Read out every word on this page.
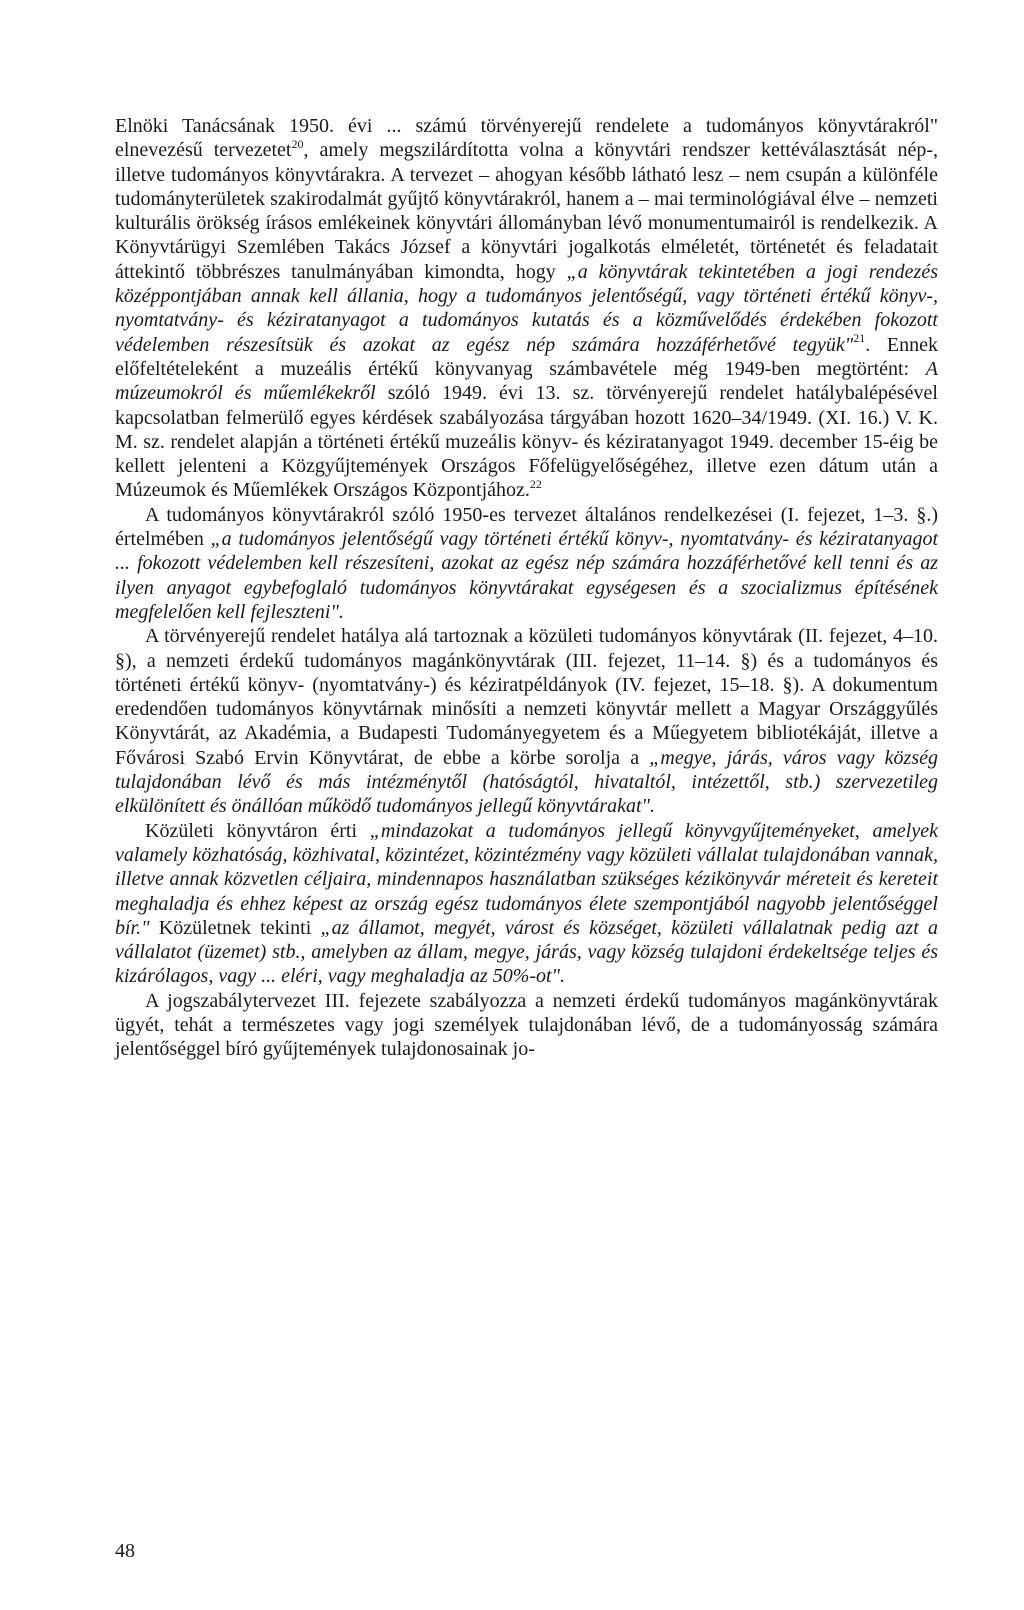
Elnöki Tanácsának 1950. évi ... számú törvényerejű rendelete a tudományos könyvtárakról" elnevezésű tervezetet$^{20}$, amely megszilárdította volna a könyvtári rendszer kettéválasztását nép-, illetve tudományos könyvtárakra. A tervezet – ahogyan később látható lesz – nem csupán a különféle tudományterületek szakirodalmát gyűjtő könyvtárakról, hanem a – mai terminológiával élve – nemzeti kulturális örökség írásos emlékeinek könyvtári állományban lévő monumentumairól is rendelkezik. A Könyvtárügyi Szemlében Takács József a könyvtári jogalkotás elméletét, történetét és feladatait áttekintő többrészes tanulmányában kimondta, hogy „a könyvtárak tekintetében a jogi rendezés középpontjában annak kell állania, hogy a tudományos jelentőségű, vagy történeti értékű könyv-, nyomtatvány- és kéziratanyagot a tudományos kutatás és a közművelődés érdekében fokozott védelemben részesítsük és azokat az egész nép számára hozzáférhetővé tegyük"$^{21}$. Ennek előfeltételeként a muzeális értékű könyvanyag számbavétele még 1949-ben megtörtént: A múzeumokról és műemlékekről szóló 1949. évi 13. sz. törvényerejű rendelet hatálybalépésével kapcsolatban felmerülő egyes kérdések szabályozása tárgyában hozott 1620–34/1949. (XI. 16.) V. K. M. sz. rendelet alapján a történeti értékű muzeális könyv- és kéziratanyagot 1949. december 15-éig be kellett jelenteni a Közgyűjtemények Országos Főfelügyelőségéhez, illetve ezen dátum után a Múzeumok és Műemlékek Országos Központjához.$^{22}$

A tudományos könyvtárakról szóló 1950-es tervezet általános rendelkezései (I. fejezet, 1–3. §.) értelmében „a tudományos jelentőségű vagy történeti értékű könyv-, nyomtatvány- és kéziratanyagot ... fokozott védelemben kell részesíteni, azokat az egész nép számára hozzáférhetővé kell tenni és az ilyen anyagot egybefoglaló tudományos könyvtárakat egységesen és a szocializmus építésének megfelelően kell fejleszteni".

A törvényerejű rendelet hatálya alá tartoznak a közületi tudományos könyvtárak (II. fejezet, 4–10. §), a nemzeti érdekű tudományos magánkönyvtárak (III. fejezet, 11–14. §) és a tudományos és történeti értékű könyv- (nyomtatvány-) és kéziratpéldányok (IV. fejezet, 15–18. §). A dokumentum eredendően tudományos könyvtárnak minősíti a nemzeti könyvtár mellett a Magyar Országgyűlés Könyvtárát, az Akadémia, a Budapesti Tudományegyetem és a Műegyetem bibliotékáját, illetve a Fővárosi Szabó Ervin Könyvtárat, de ebbe a körbe sorolja a „megye, járás, város vagy község tulajdonában lévő és más intézménytől (hatóságtól, hivataltól, intézettől, stb.) szervezetileg elkülönített és önállóan működő tudományos jellegű könyvtárakat".

Közületi könyvtáron érti „mindazokat a tudományos jellegű könyvgyűjteményeket, amelyek valamely közhatóság, közhivatal, közintézet, közintézmény vagy közületi vállalat tulajdonában vannak, illetve annak közvetlen céljaira, mindennapos használatban szükséges kézikönyvár méreteit és kereteit meghaladja és ehhez képest az ország egész tudományos élete szempontjából nagyobb jelentőséggel bír." Közületnek tekinti „az államot, megyét, várost és községet, közületi vállalatnak pedig azt a vállalatot (üzemet) stb., amelyben az állam, megye, járás, vagy község tulajdoni érdekeltsége teljes és kizárólagos, vagy ... eléri, vagy meghaladja az 50%-ot".

A jogszabálytervezet III. fejezete szabályozza a nemzeti érdekű tudományos magánkönyvtárak ügyét, tehát a természetes vagy jogi személyek tulajdonában lévő, de a tudományosság számára jelentőséggel bíró gyűjtemények tulajdonosainak jo-

48
